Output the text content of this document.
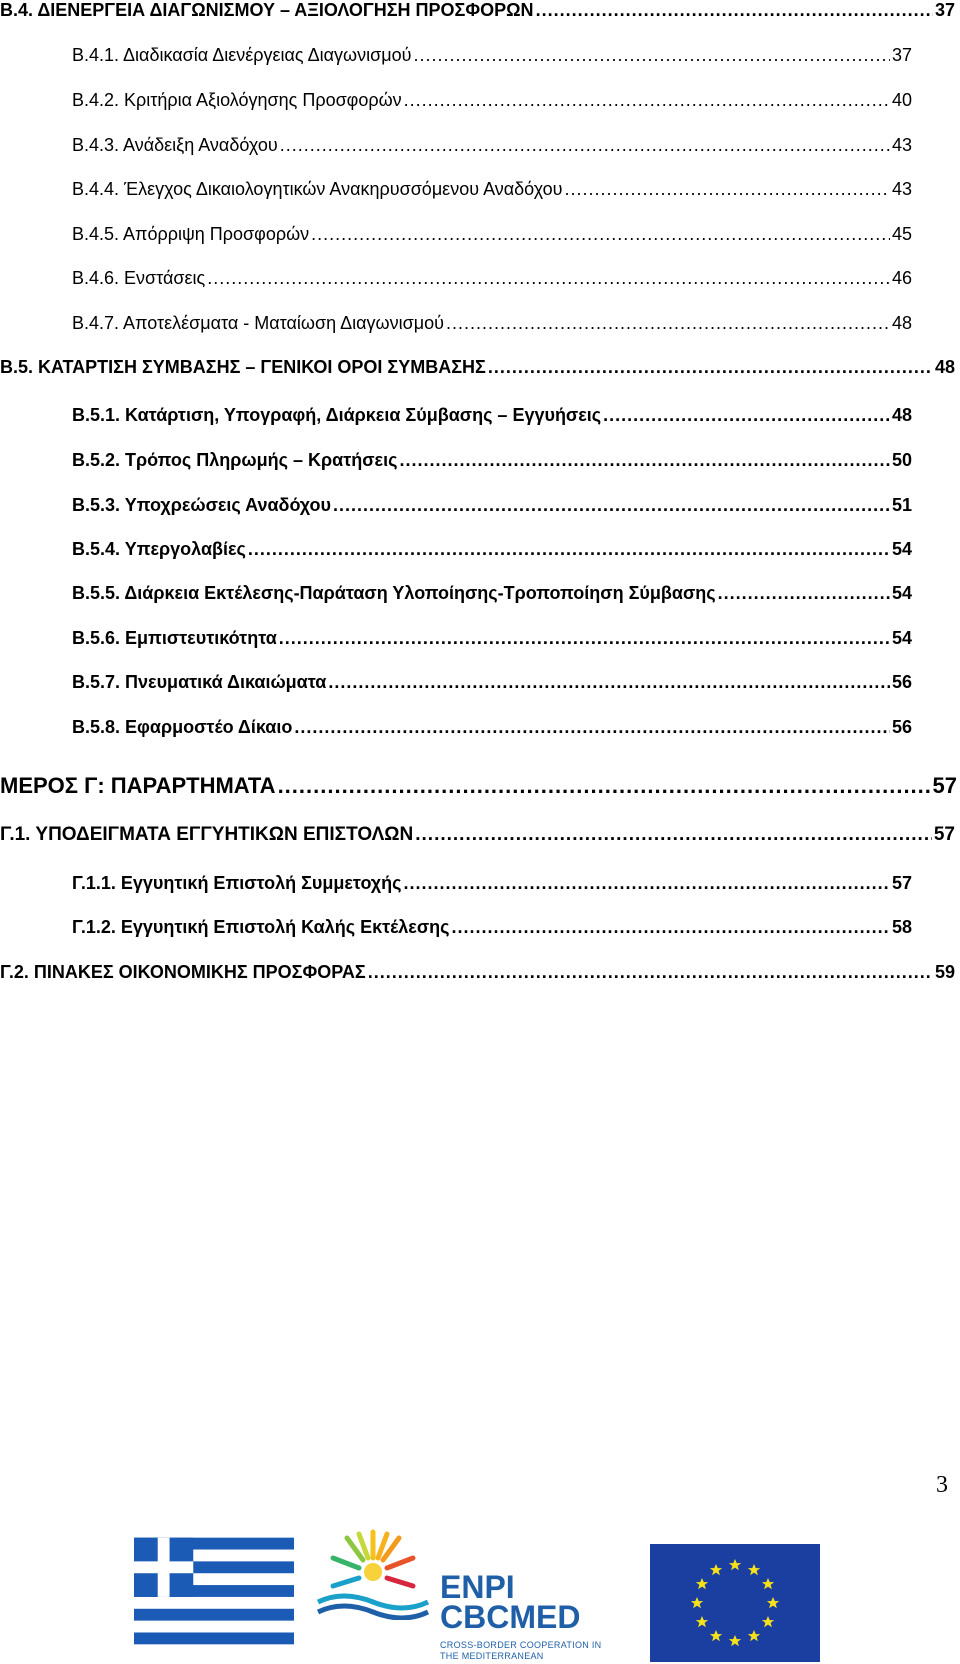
Β.4. ΔΙΕΝΕΡΓΕΙΑ ΔΙΑΓΩΝΙΣΜΟΥ – ΑΞΙΟΛΟΓΗΣΗ ΠΡΟΣΦΟΡΩΝ .....	37
Β.4.1. Διαδικασία Διενέργειας Διαγωνισμού .....	37
Β.4.2. Κριτήρια Αξιολόγησης Προσφορών .....	40
Β.4.3. Ανάδειξη Αναδόχου .....	43
Β.4.4. Έλεγχος Δικαιολογητικών Ανακηρυσσόμενου Αναδόχου .....	43
Β.4.5. Απόρριψη Προσφορών .....	45
Β.4.6. Ενστάσεις .....	46
Β.4.7. Αποτελέσματα - Ματαίωση Διαγωνισμού .....	48
Β.5. ΚΑΤΑΡΤΙΣΗ ΣΥΜΒΑΣΗΣ – ΓΕΝΙΚΟΙ ΟΡΟΙ ΣΥΜΒΑΣΗΣ .....	48
Β.5.1. Κατάρτιση, Υπογραφή, Διάρκεια Σύμβασης – Εγγυήσεις .....	48
Β.5.2. Τρόπος Πληρωμής – Κρατήσεις .....	50
Β.5.3. Υποχρεώσεις Αναδόχου .....	51
Β.5.4. Υπεργολαβίες .....	54
Β.5.5. Διάρκεια Εκτέλεσης-Παράταση Υλοποίησης-Τροποποίηση Σύμβασης .....	54
Β.5.6. Εμπιστευτικότητα .....	54
Β.5.7. Πνευματικά Δικαιώματα .....	56
Β.5.8. Εφαρμοστέο Δίκαιο .....	56
ΜΕΡΟΣ Γ: ΠΑΡΑΡΤΗΜΑΤΑ .....	57
Γ.1. ΥΠΟΔΕΙΓΜΑΤΑ ΕΓΓΥΗΤΙΚΩΝ ΕΠΙΣΤΟΛΩΝ .....	57
Γ.1.1. Εγγυητική Επιστολή Συμμετοχής .....	57
Γ.1.2. Εγγυητική Επιστολή Καλής Εκτέλεσης .....	58
Γ.2. ΠΙΝΑΚΕΣ ΟΙΚΟΝΟΜΙΚΗΣ ΠΡΟΣΦΟΡΑΣ .....	59
3
ENPI
CBCMED
CROSS-BORDER COOPERATION IN THE MEDITERRANEAN
